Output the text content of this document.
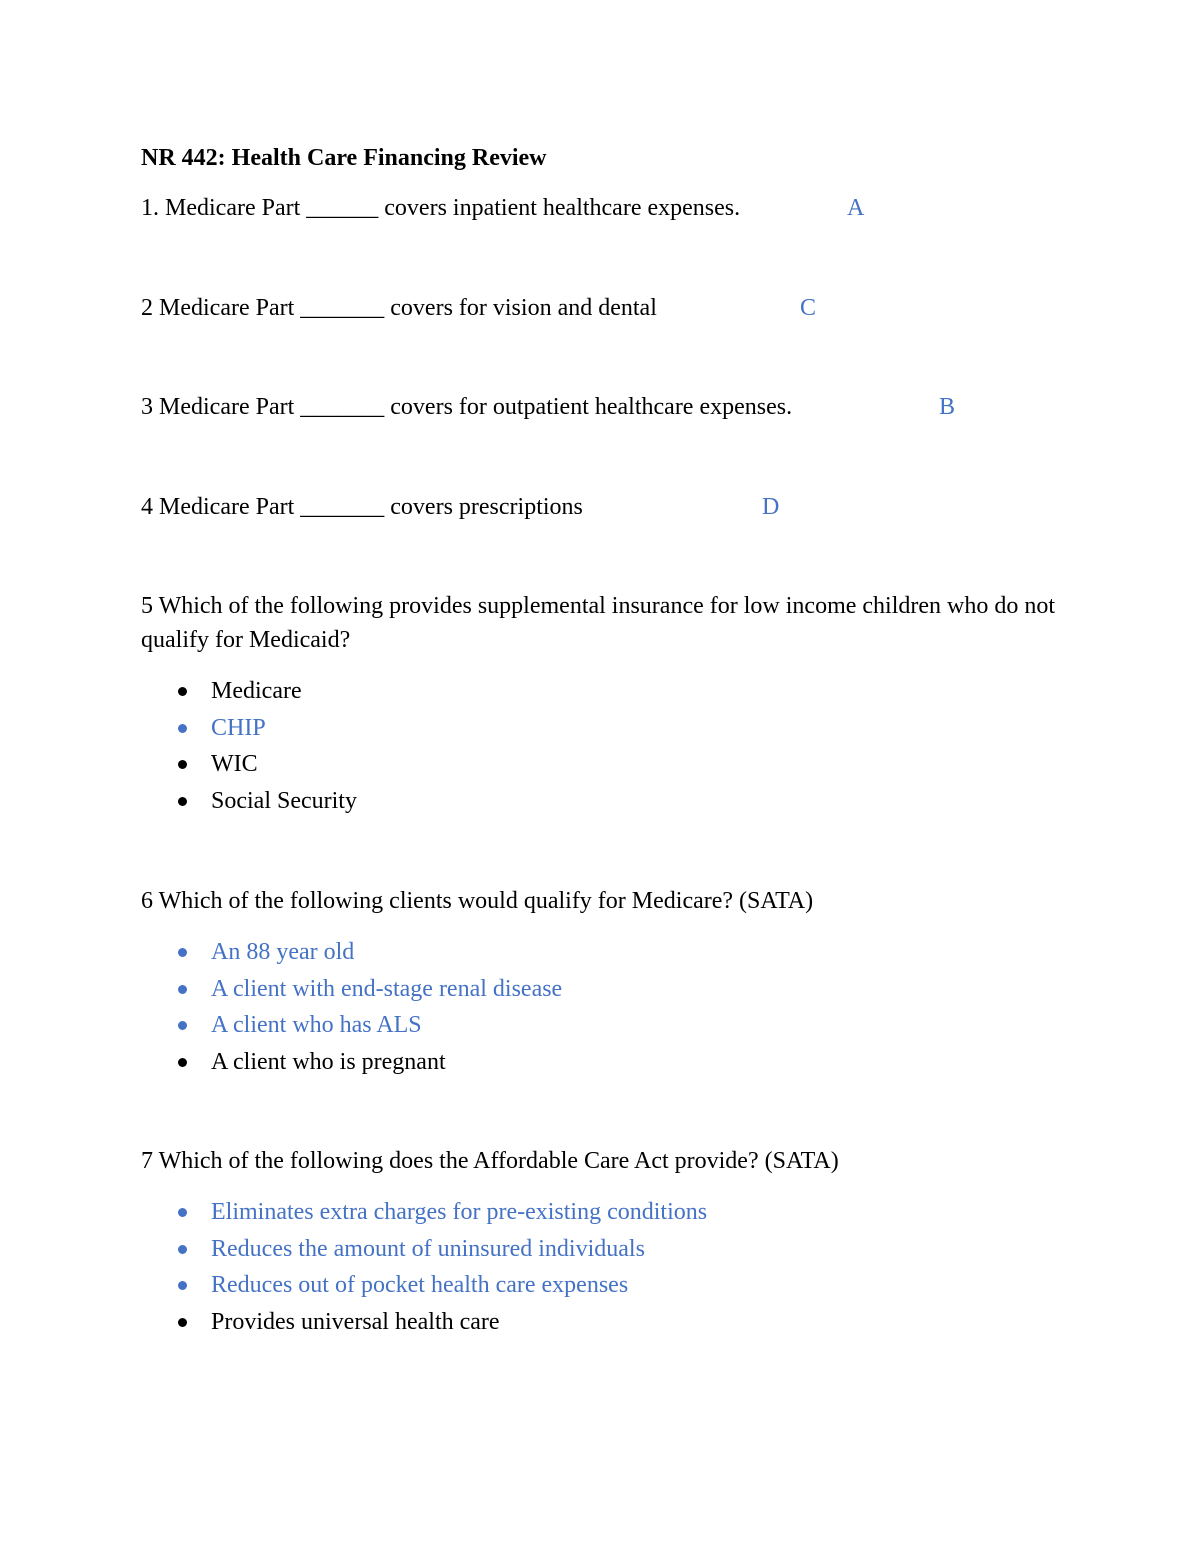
NR 442: Health Care Financing Review
1. Medicare Part ______ covers inpatient healthcare expenses.	A
2 Medicare Part _______ covers for vision and dental	C
3 Medicare Part _______ covers for outpatient healthcare expenses.	B
4 Medicare Part _______ covers prescriptions	D
5 Which of the following provides supplemental insurance for low income children who do not qualify for Medicaid?
Medicare
CHIP
WIC
Social Security
6 Which of the following clients would qualify for Medicare? (SATA)
An 88 year old
A client with end-stage renal disease
A client who has ALS
A client who is pregnant
7 Which of the following does the Affordable Care Act provide? (SATA)
Eliminates extra charges for pre-existing conditions
Reduces the amount of uninsured individuals
Reduces out of pocket health care expenses
Provides universal health care
